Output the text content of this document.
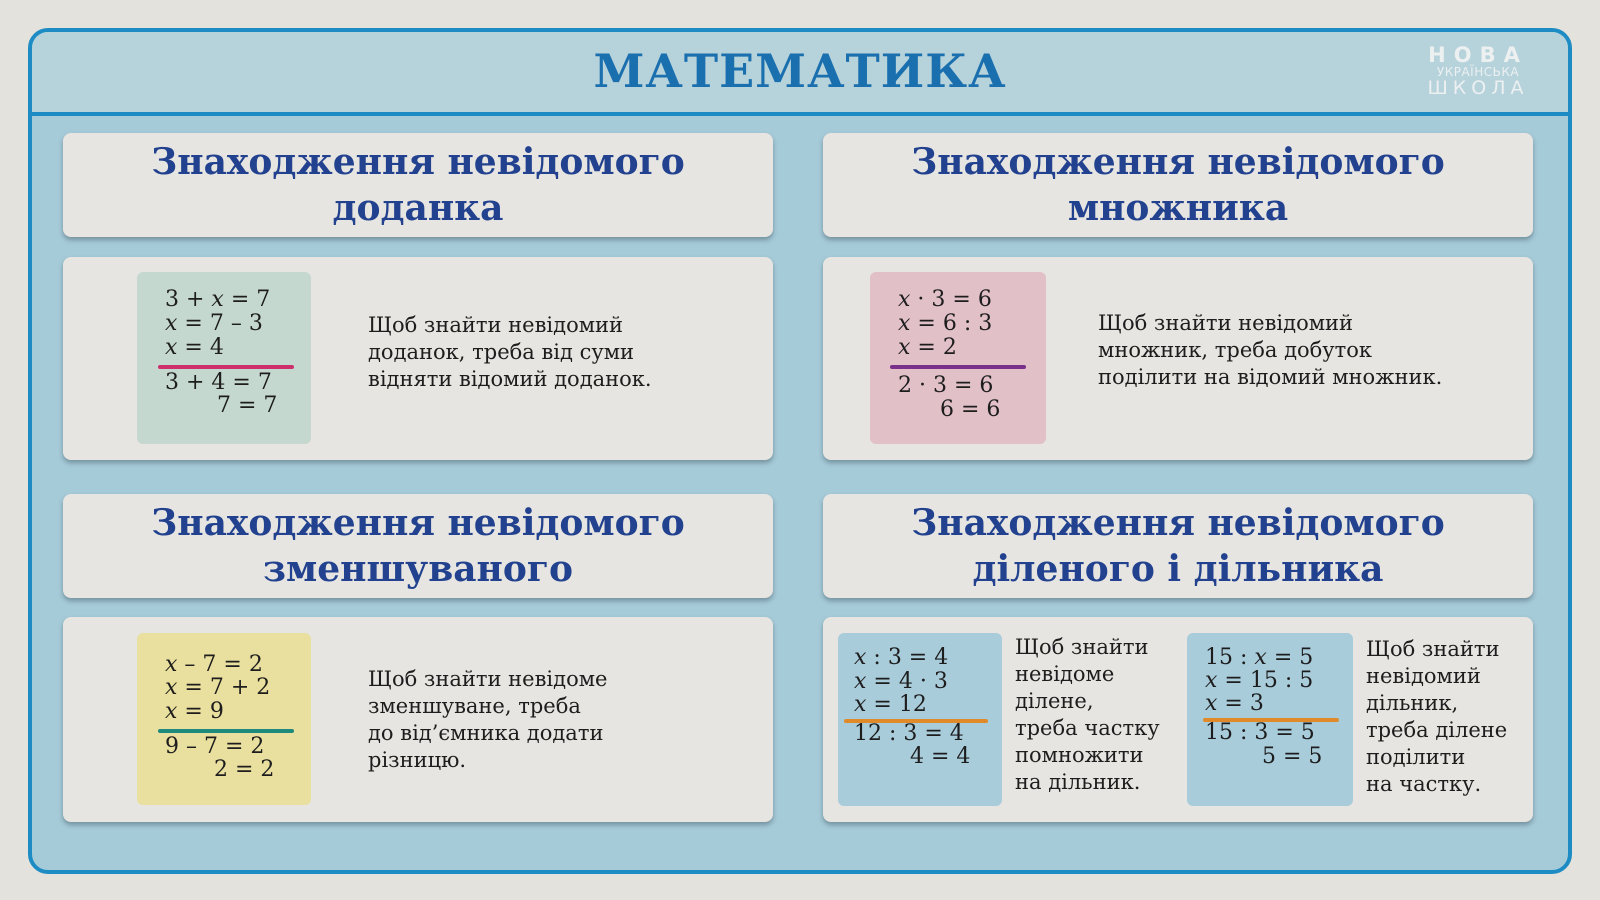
МАТЕМАТИКА	НОВА
УКРАЇНСЬКА
ШКОЛА
Знаходження невідомого
доданка
3 + x = 7
x = 7 – 3
x = 4
3 + 4 = 7
7 = 7
Щоб знайти невідомий
доданок, треба від суми
відняти відомий доданок.
Знаходження невідомого
множника
x · 3 = 6
x = 6 : 3
x = 2
2 · 3 = 6
6 = 6
Щоб знайти невідомий
множник, треба добуток
поділити на відомий множник.
Знаходження невідомого
зменшуваного
x – 7 = 2
x = 7 + 2
x = 9
9 – 7 = 2
2 = 2
Щоб знайти невідоме
зменшуване, треба
до від’ємника додати
різницю.
Знаходження невідомого
діленого і дільника
x : 3 = 4
x = 4 · 3
x = 12
12 : 3 = 4
4 = 4
Щоб знайти
невідоме
ділене,
треба частку
помножити
на дільник.
15 : x = 5
x = 15 : 5
x = 3
15 : 3 = 5
5 = 5
Щоб знайти
невідомий
дільник,
треба ділене
поділити
на частку.
